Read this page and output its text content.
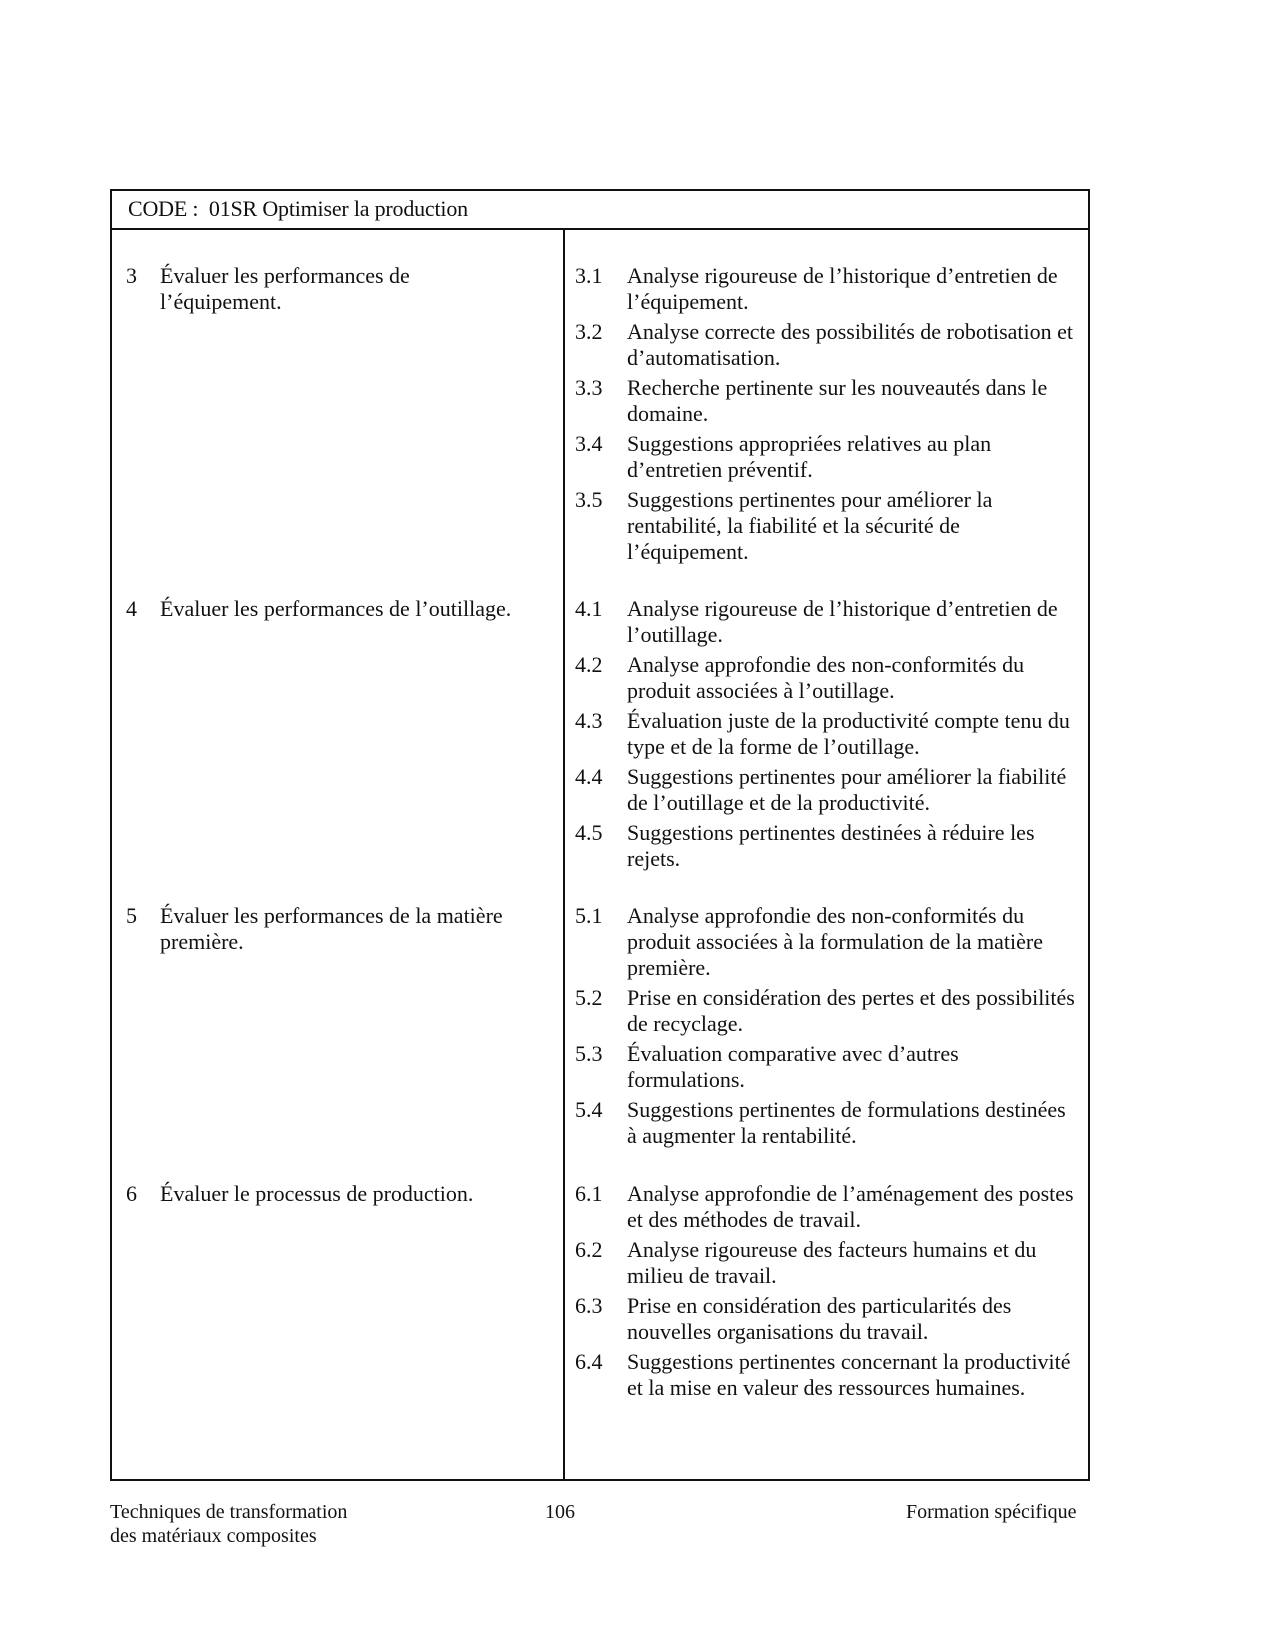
CODE : 01SR Optimiser la production
3 Évaluer les performances de l’équipement.
3.1 Analyse rigoureuse de l’historique d’entretien de l’équipement.
3.2 Analyse correcte des possibilités de robotisation et d’automatisation.
3.3 Recherche pertinente sur les nouveautés dans le domaine.
3.4 Suggestions appropriées relatives au plan d’entretien préventif.
3.5 Suggestions pertinentes pour améliorer la rentabilité, la fiabilité et la sécurité de l’équipement.
4 Évaluer les performances de l’outillage.	4.1 Analyse rigoureuse de l’historique d’entretien de l’outillage.
4.2 Analyse approfondie des non-conformités du produit associées à l’outillage.
4.3 Évaluation juste de la productivité compte tenu du type et de la forme de l’outillage.
4.4 Suggestions pertinentes pour améliorer la fiabilité de l’outillage et de la productivité.
4.5 Suggestions pertinentes destinées à réduire les rejets.
5 Évaluer les performances de la matière première.
5.1 Analyse approfondie des non-conformités du produit associées à la formulation de la matière première.
5.2 Prise en considération des pertes et des possibilités de recyclage.
5.3 Évaluation comparative avec d’autres formulations.
5.4 Suggestions pertinentes de formulations destinées à augmenter la rentabilité.
6 Évaluer le processus de production.	6.1 Analyse approfondie de l’aménagement des postes et des méthodes de travail.
6.2 Analyse rigoureuse des facteurs humains et du milieu de travail.
6.3 Prise en considération des particularités des nouvelles organisations du travail.
6.4 Suggestions pertinentes concernant la productivité et la mise en valeur des ressources humaines.
Techniques de transformation
des matériaux composites
106	Formation spécifique
